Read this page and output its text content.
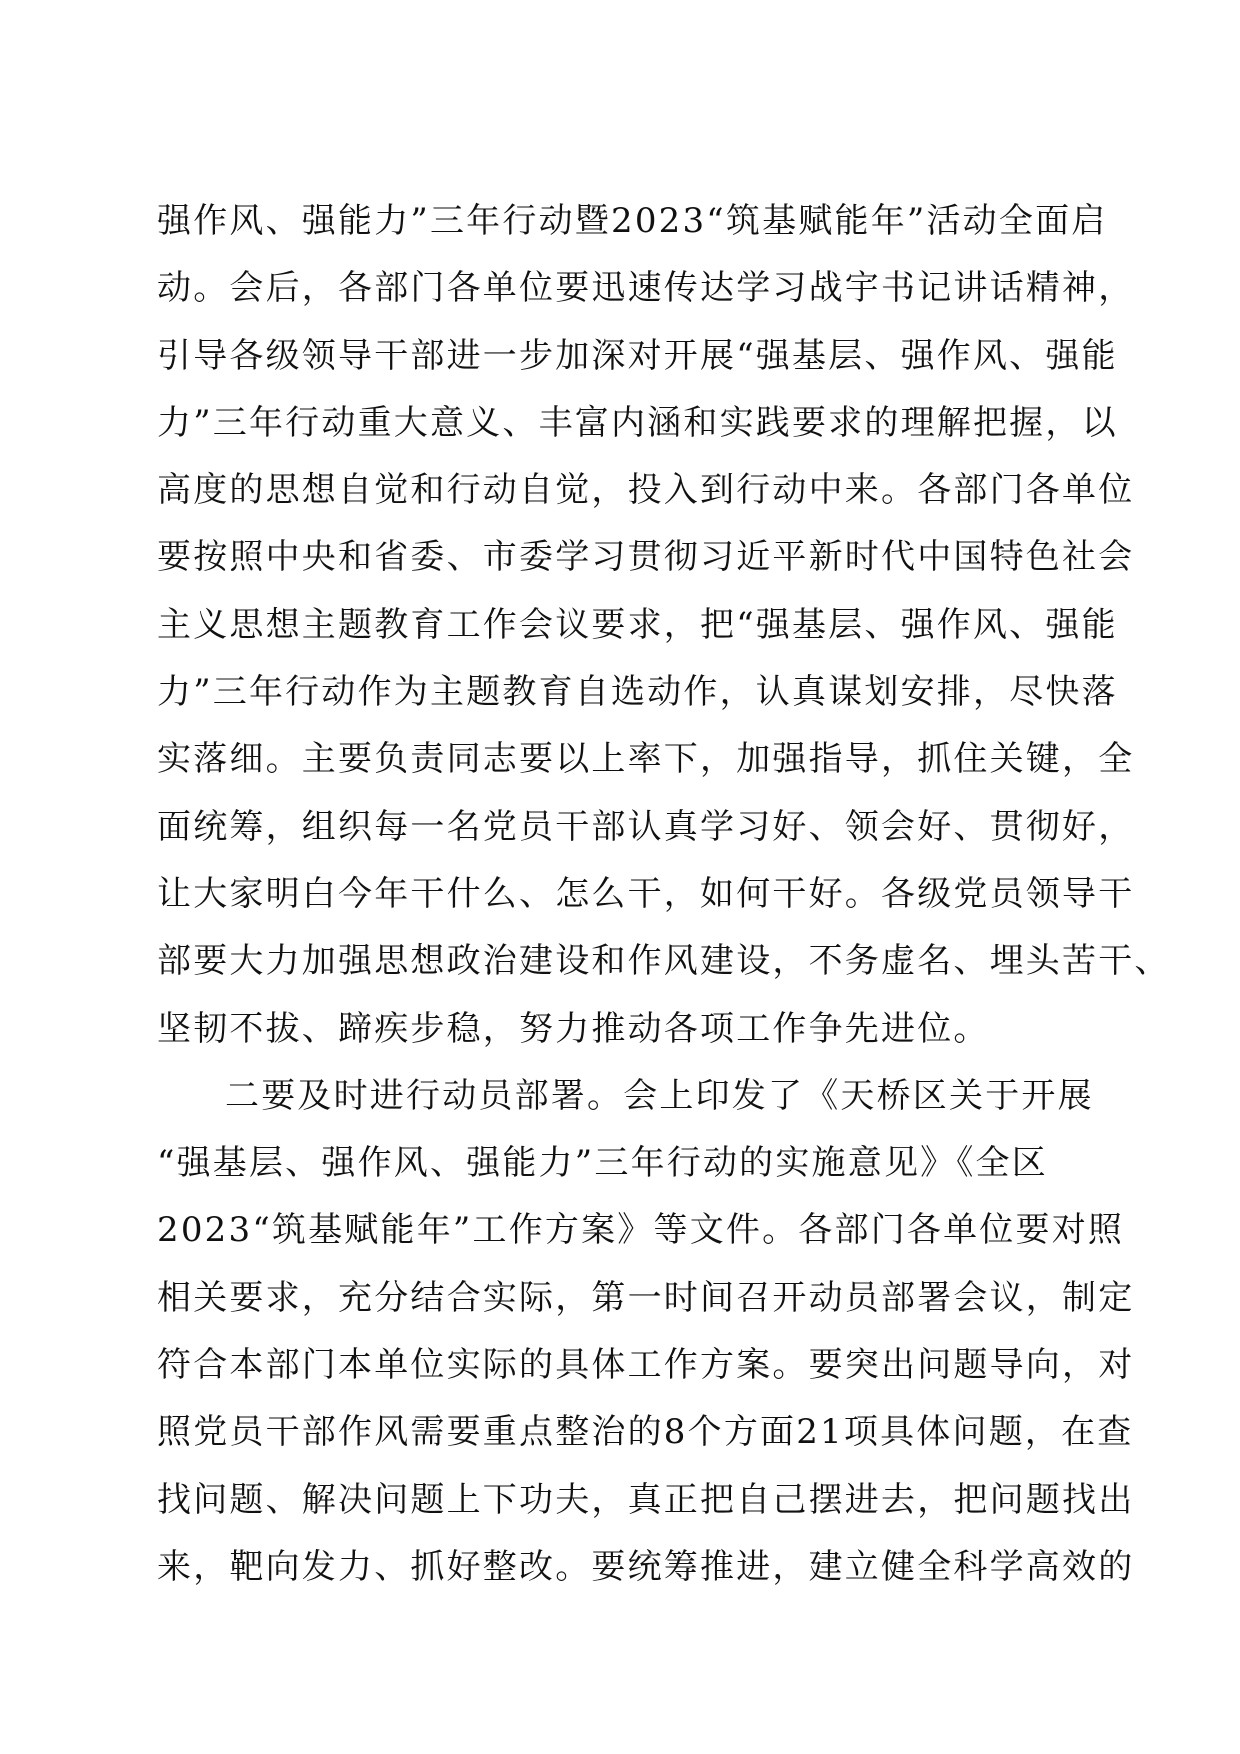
强作风、强能力”三年行动暨2023“筑基赋能年”活动全面启
动。会后，各部门各单位要迅速传达学习战宇书记讲话精神，
引导各级领导干部进一步加深对开展“强基层、强作风、强能
力”三年行动重大意义、丰富内涵和实践要求的理解把握，以
高度的思想自觉和行动自觉，投入到行动中来。各部门各单位
要按照中央和省委、市委学习贯彻习近平新时代中国特色社会
主义思想主题教育工作会议要求，把“强基层、强作风、强能
力”三年行动作为主题教育自选动作，认真谋划安排，尽快落
实落细。主要负责同志要以上率下，加强指导，抓住关键，全
面统筹，组织每一名党员干部认真学习好、领会好、贯彻好，
让大家明白今年干什么、怎么干，如何干好。各级党员领导干
部要大力加强思想政治建设和作风建设，不务虚名、埋头苦干、
坚韧不拔、蹄疾步稳，努力推动各项工作争先进位。
二要及时进行动员部署。会上印发了《天桥区关于开展
“强基层、强作风、强能力”三年行动的实施意见》《全区
2023“筑基赋能年”工作方案》等文件。各部门各单位要对照
相关要求，充分结合实际，第一时间召开动员部署会议，制定
符合本部门本单位实际的具体工作方案。要突出问题导向，对
照党员干部作风需要重点整治的8个方面21项具体问题，在查
找问题、解决问题上下功夫，真正把自己摆进去，把问题找出
来，靶向发力、抓好整改。要统筹推进，建立健全科学高效的
